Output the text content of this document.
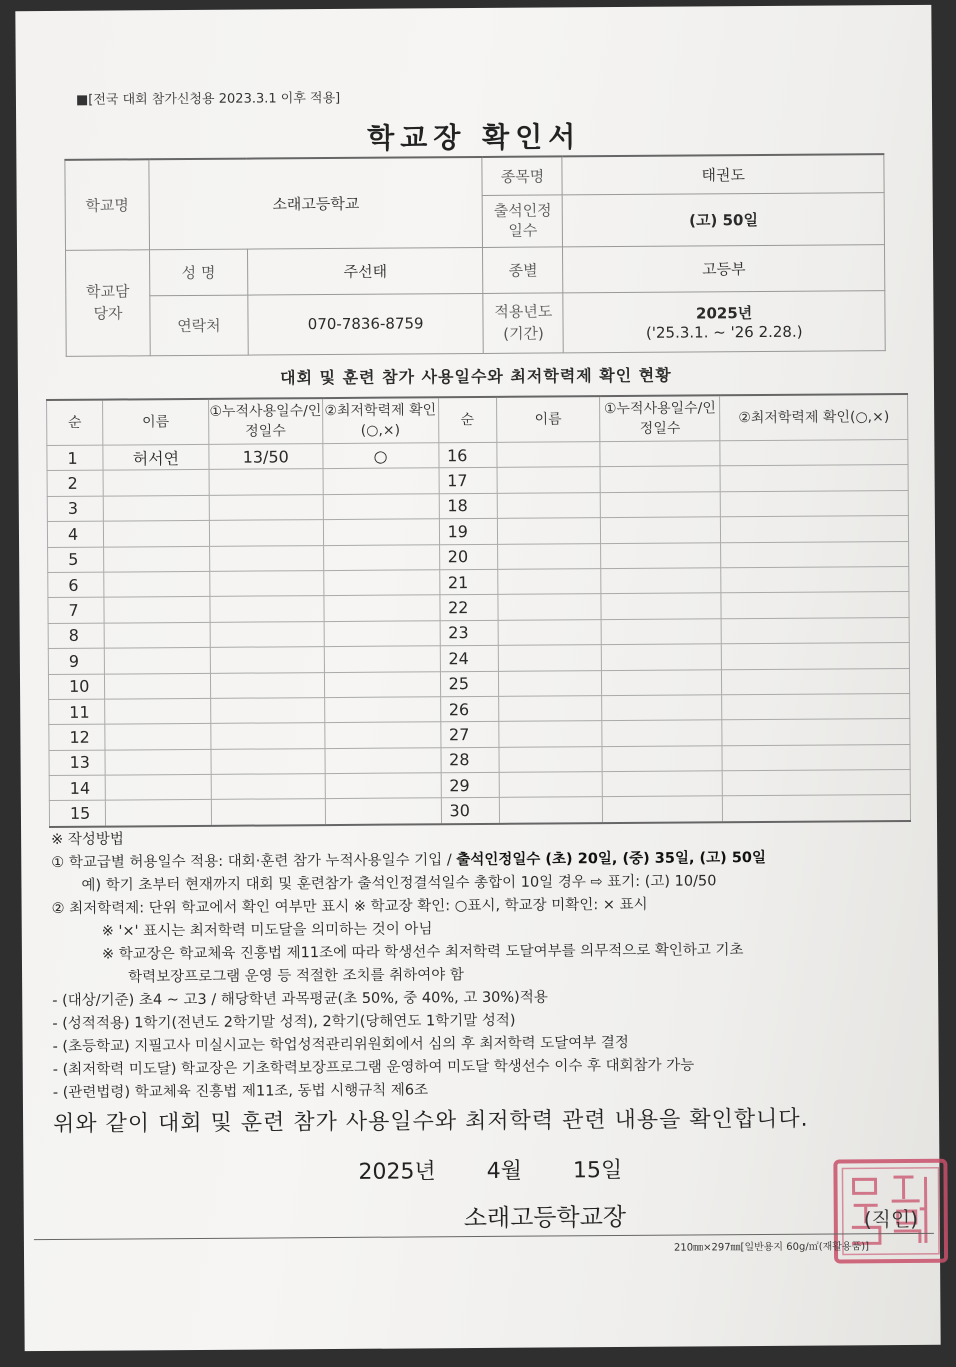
■[전국 대회 참가신청용 2023.3.1 이후 적용]
학교장 확인서
학교명	소래고등학교		종목명	태권도
			출석인정일수	(고) 50일
학교담당자	성 명	주선태	종별	고등부
	연락처	070-7836-8759	적용년도(기간)	2025년
('25.3.1. ~ '26 2.28.)
대회 및 훈련 참가 사용일수와 최저학력제 확인 현황
순	이름	①누적사용일수/인정일수	②최저학력제 확인(○,×)	순	이름	①누적사용일수/인정일수	②최저학력제 확인(○,×)
1	허서연	13/50	○	16			
2				17			
3				18			
4				19			
5				20			
6				21			
7				22			
8				23			
9				24			
10				25			
11				26			
12				27			
13				28			
14				29			
15				30			
※ 작성방법
① 학교급별 허용일수 적용: 대회·훈련 참가 누적사용일수 기입 / 출석인정일수 (초) 20일, (중) 35일, (고) 50일
예) 학기 초부터 현재까지 대회 및 훈련참가 출석인정결석일수 총합이 10일 경우 ⇨ 표기: (고) 10/50
② 최저학력제: 단위 학교에서 확인 여부만 표시 ※ 학교장 확인: ○표시, 학교장 미확인: × 표시
※ '×' 표시는 최저학력 미도달을 의미하는 것이 아님
※ 학교장은 학교체육 진흥법 제11조에 따라 학생선수 최저학력 도달여부를 의무적으로 확인하고 기초
학력보장프로그램 운영 등 적절한 조치를 취하여야 함
- (대상/기준) 초4 ~ 고3 / 해당학년 과목평균(초 50%, 중 40%, 고 30%)적용
- (성적적용) 1학기(전년도 2학기말 성적), 2학기(당해연도 1학기말 성적)
- (초등학교) 지필고사 미실시교는 학업성적관리위원회에서 심의 후 최저학력 도달여부 결정
- (최저학력 미도달) 학교장은 기초학력보장프로그램 운영하여 미도달 학생선수 이수 후 대회참가 가능
- (관련법령) 학교체육 진흥법 제11조, 동법 시행규칙 제6조
위와 같이 대회 및 훈련 참가 사용일수와 최저학력 관련 내용을 확인합니다.
2025년 4월 15일
소래고등학교장	(직인)
210㎜×297㎜[일반용지 60g/㎡(재활용품)]
